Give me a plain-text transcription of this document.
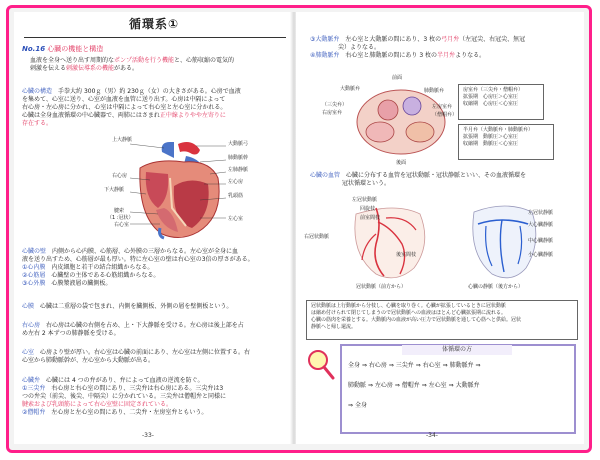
循環系①
No.16 心臓の機能と構造
血液を全身へ送り出す周期的なポンプ活動を行う機能と、心筋収縮の電気的
刺激を伝える刺激伝導系の機能がある。
心臓の構造　 手拳大約 300ｇ（男）約 230ｇ（女）の大きさがある。心房で血液
を集めて、心室に送り、心室が血液を血管に送り出す。心房は中隔によって
右心房・左心房に分かれ、心室は中隔によって右心室と左心室に分かれる。
心臓は全身血液循環の中心臓器で、両肺にはさまれ正中線よりやや左寄りに
存在する。
上大静脈
大動脈弓
肺動脈幹
左肺静脈
右心房
左心房
下大静脈
乳頭筋
腱索
（1 :冠状）
右心室
左心室
心臓の壁　 内側から心内膜、心筋層、心外膜の三層からなる。左心室が全身に血
液を送り出すため、心筋層が最も厚い。特に左心室の壁は右心室の3倍の厚さがある。
①心内膜　 内皮細胞と若干の結合組織からなる。
②心筋層　 心臓壁の主体である心筋組織からなる。
③心外膜　 心膜漿液層の臓側板。
心膜　 心臓は二重層の袋で包まれ、内側を臓側板、外側の層を壁側板という。
右心房　 右心房は心臓の右側を占め、上・下大静脈を受ける。左心房は後上部を占
め左右 2 本ずつの肺静脈を受ける。
心室　 心房より壁が厚い。右心室は心臓の前面にあり、左心室は左側に位置する。右
心室から肺動脈幹が、左心室から大動脈が出る。
心臓弁　 心臓には 4 つの弁があり、弁によって血液の逆流を防ぐ。
①三尖弁　 右心房と右心室の間にあり、三尖弁は右心房にある。三尖弁は3
つの弁尖（前尖、後尖、中隔尖）に分かれている。三尖弁は僧帽弁と同様に
腱索および乳頭筋によって右心室壁に固定されている。
②僧帽弁　 左心房と左心室の間にあり、二尖弁・左房室弁ともいう。
-33-
③大動脈弁　 左心室と大動脈の間にあり、3 枚の弓月弁（左冠尖、右冠尖、無冠
尖）よりなる。
④肺動脈弁　 右心室と肺動脈の間にあり 3 枚の半月弁よりなる。
前面
大動脈弁	肺動脈弁
（三尖弁）
右房室弁
左房室弁
（僧帽弁）
後面
房室弁（三尖弁・僧帽弁）
拡張期　 心房圧＞心室圧
収縮期　 心房圧＜心室圧
半月弁（大動脈弁・肺動脈弁）
拡張期　 動脈圧＞心室圧
収縮期　 動脈圧＜心室圧
心臓の血管　 心臓に分布する血管を冠状動脈・冠状静脈といい、その血液循環を
冠状循環という。
左冠状動脈
回旋枝
前室間枝
右冠状動脈
後室間枝
冠状動脈（前方から）
左冠状静脈
大心臓静脈
中心臓静脈
小心臓静脈
心臓の静脈（後方から）
冠状動脈は上行動脈から分枝し、心臓を取り巻く。心臓が拡張しているときに冠状動脈
は縮め付けられて閉じてしまうので冠状動脈への血液はほとんど心臓拡張期に流れる。
心臓の筋肉を栄養とする。大動脈内の血液が高い圧力で冠状動脈を通して心筋へと供給。冠状
静脈へと帰し還流。
体循環の方
全身 ⇒ 右心房 ⇒ 三尖弁 ⇒ 右心室 ⇒ 肺動脈弁 ⇒
肺動脈 ⇒ 左心房 ⇒ 僧帽弁 ⇒ 左心室 ⇒ 大動脈弁
⇒ 全身
-34-
